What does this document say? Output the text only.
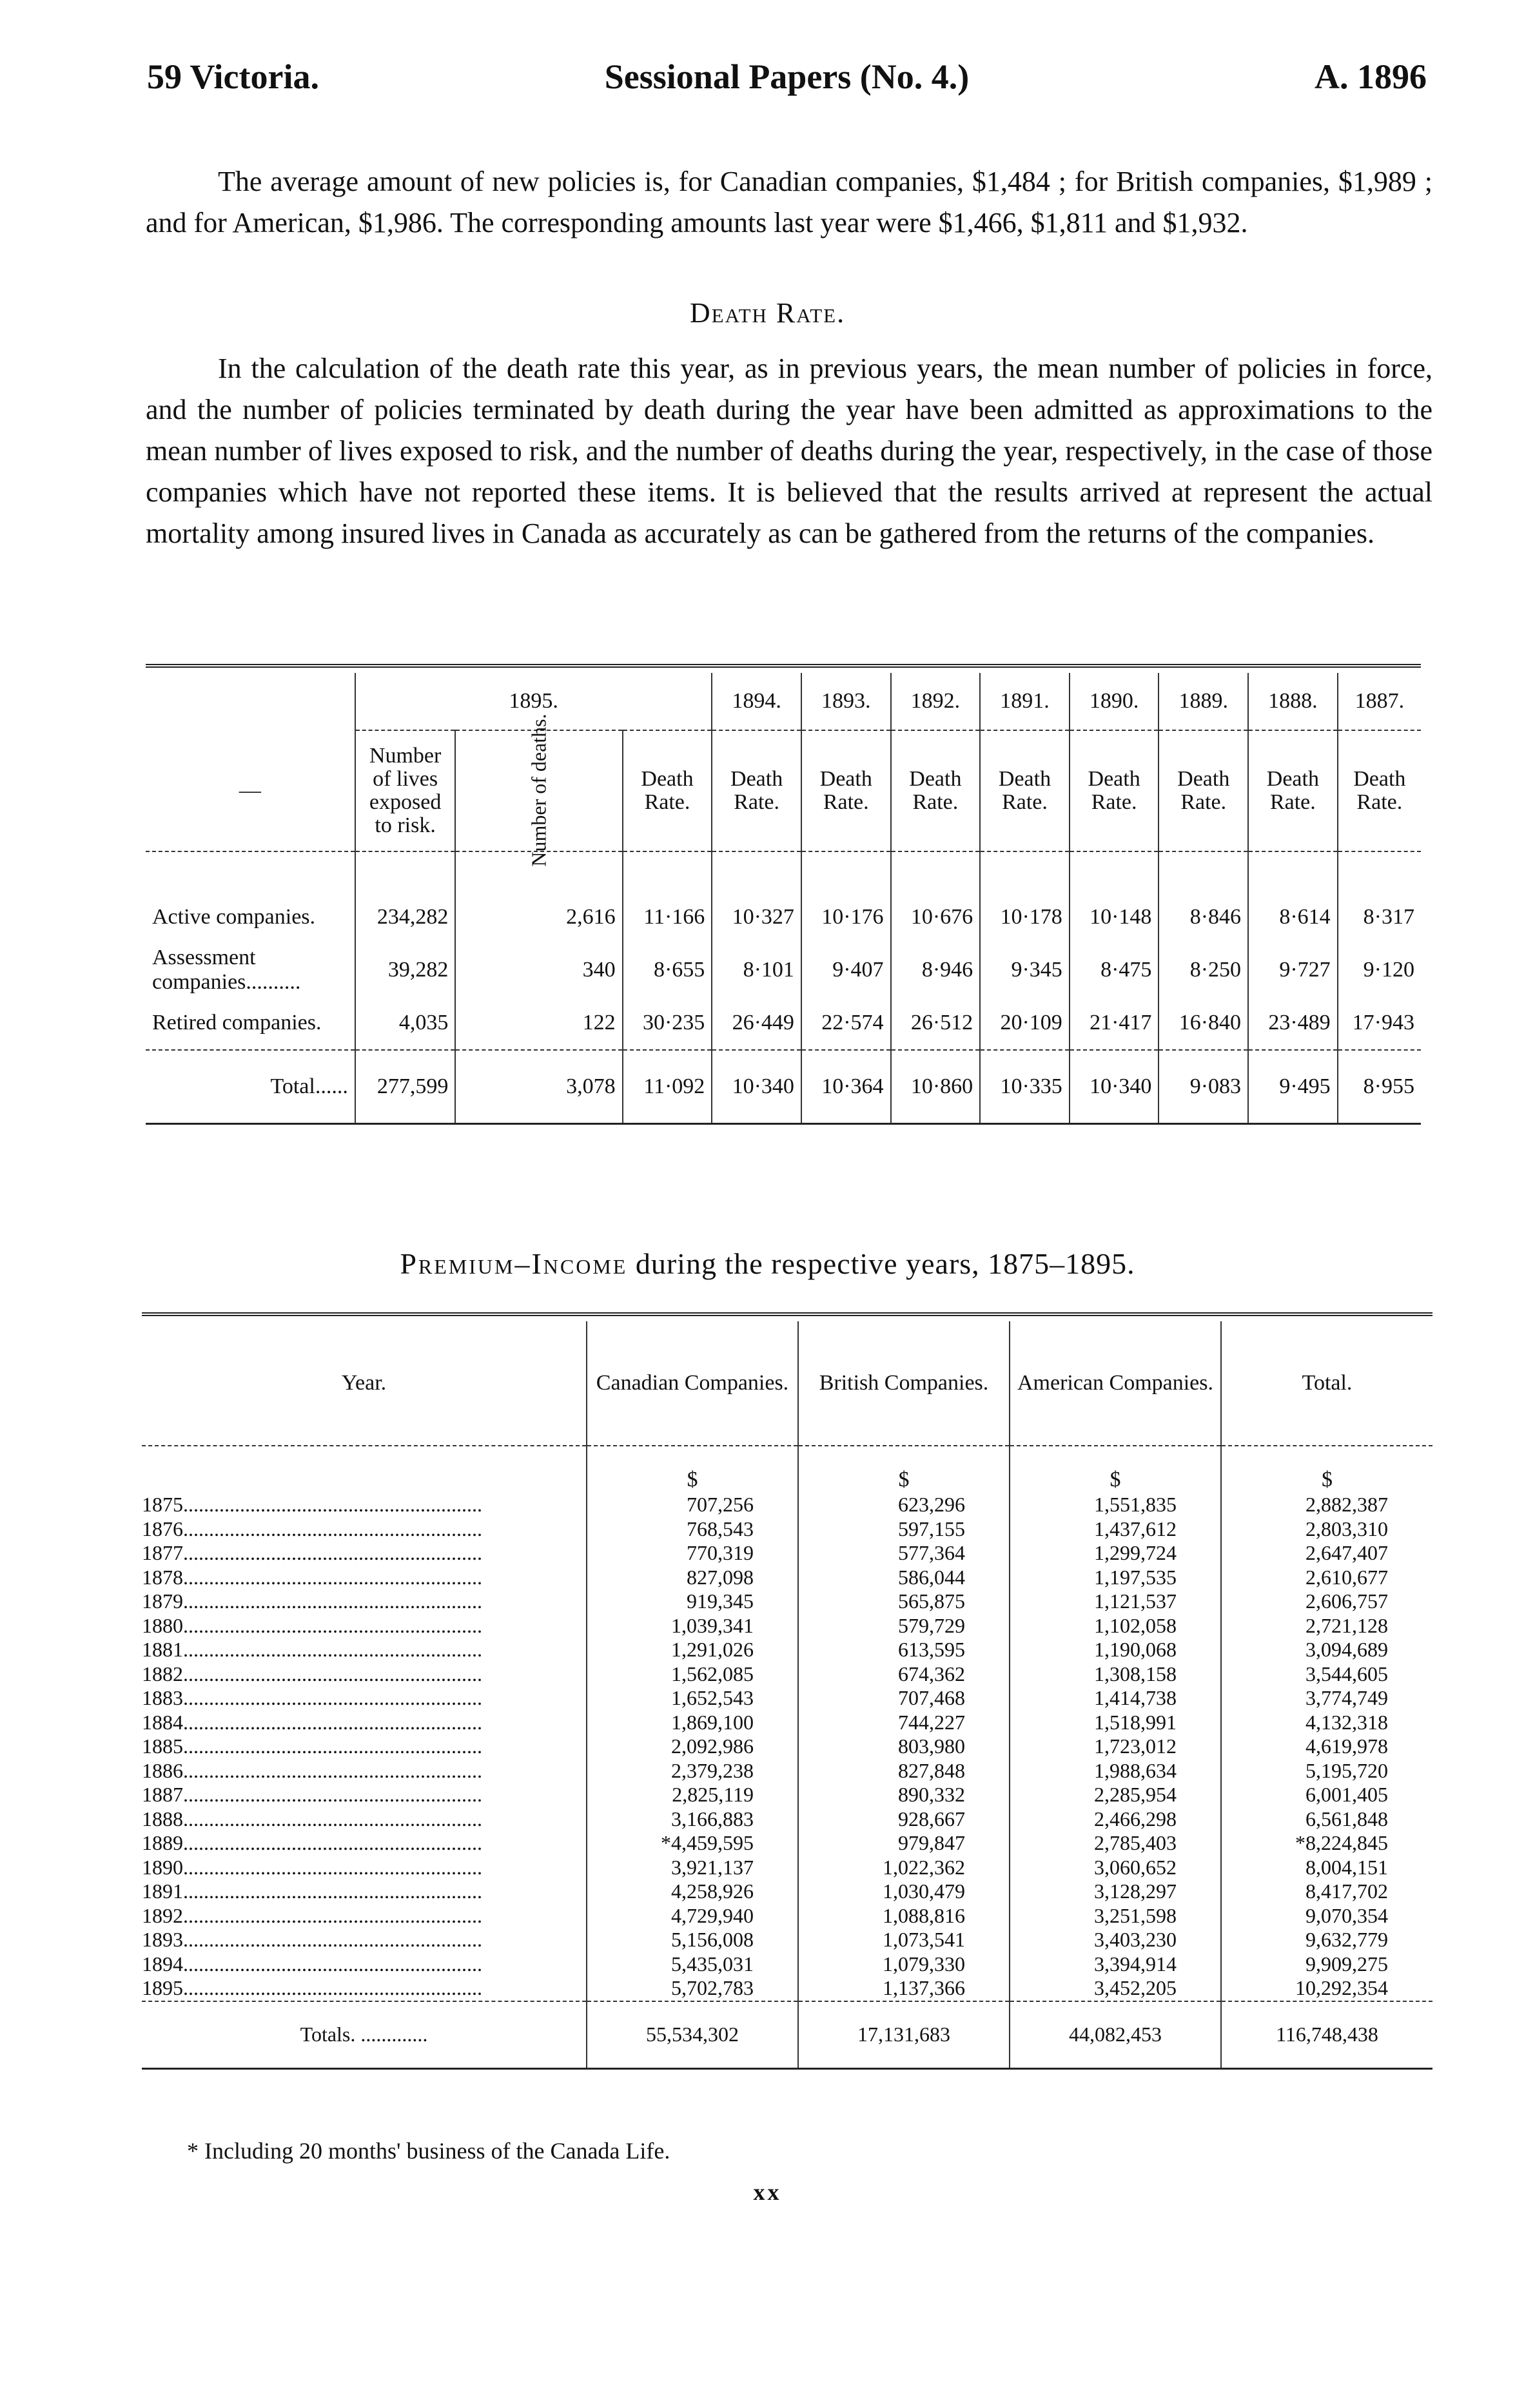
59 Victoria.	Sessional Papers (No. 4.)	A. 1896

The average amount of new policies is, for Canadian companies, $1,484 ; for British companies, $1,989 ; and for American, $1,986. The corresponding amounts last year were $1,466, $1,811 and $1,932.

Death Rate.

In the calculation of the death rate this year, as in previous years, the mean number of policies in force, and the number of policies terminated by death during the year have been admitted as approximations to the mean number of lives exposed to risk, and the number of deaths during the year, respectively, in the case of those companies which have not reported these items. It is believed that the results arrived at represent the actual mortality among insured lives in Canada as accurately as can be gathered from the returns of the companies.

	1895.			1894.	1893.	1892.	1891.	1890.	1889.	1888.	1887.	
—	Number of lives exposed to risk.	Number of deaths.	Death Rate.	Death Rate.	Death Rate.	Death Rate.	Death Rate.	Death Rate.	Death Rate.	Death Rate.	Death Rate.	
Active companies.	234,282	2,616	11·166	10·327	10·176	10·676	10·178	10·148	8·846	8·614	8·317	
Assessment companies..........	39,282	340	8·655	8·101	9·407	8·946	9·345	8·475	8·250	9·727	9·120	
Retired companies.	4,035	122	30·235	26·449	22·574	26·512	20·109	21·417	16·840	23·489	17·943	
Total......	277,599	3,078	11·092	10·340	10·364	10·860	10·335	10·340	9·083	9·495	8·955	

Premium–Income during the respective years, 1875–1895.

Year.	Canadian Companies.	British Companies.	American Companies.	Total.
	$	$	$	$
1875..........................................................	707,256	623,296	1,551,835	2,882,387
1876..........................................................	768,543	597,155	1,437,612	2,803,310
1877..........................................................	770,319	577,364	1,299,724	2,647,407
1878..........................................................	827,098	586,044	1,197,535	2,610,677
1879..........................................................	919,345	565,875	1,121,537	2,606,757
1880..........................................................	1,039,341	579,729	1,102,058	2,721,128
1881..........................................................	1,291,026	613,595	1,190,068	3,094,689
1882..........................................................	1,562,085	674,362	1,308,158	3,544,605
1883..........................................................	1,652,543	707,468	1,414,738	3,774,749
1884..........................................................	1,869,100	744,227	1,518,991	4,132,318
1885..........................................................	2,092,986	803,980	1,723,012	4,619,978
1886..........................................................	2,379,238	827,848	1,988,634	5,195,720
1887..........................................................	2,825,119	890,332	2,285,954	6,001,405
1888..........................................................	3,166,883	928,667	2,466,298	6,561,848
1889..........................................................	*4,459,595	979,847	2,785,403	*8,224,845
1890..........................................................	3,921,137	1,022,362	3,060,652	8,004,151
1891..........................................................	4,258,926	1,030,479	3,128,297	8,417,702
1892..........................................................	4,729,940	1,088,816	3,251,598	9,070,354
1893..........................................................	5,156,008	1,073,541	3,403,230	9,632,779
1894..........................................................	5,435,031	1,079,330	3,394,914	9,909,275
1895..........................................................	5,702,783	1,137,366	3,452,205	10,292,354
Totals. .............	55,534,302	17,131,683	44,082,453	116,748,438

* Including 20 months' business of the Canada Life.
xx
